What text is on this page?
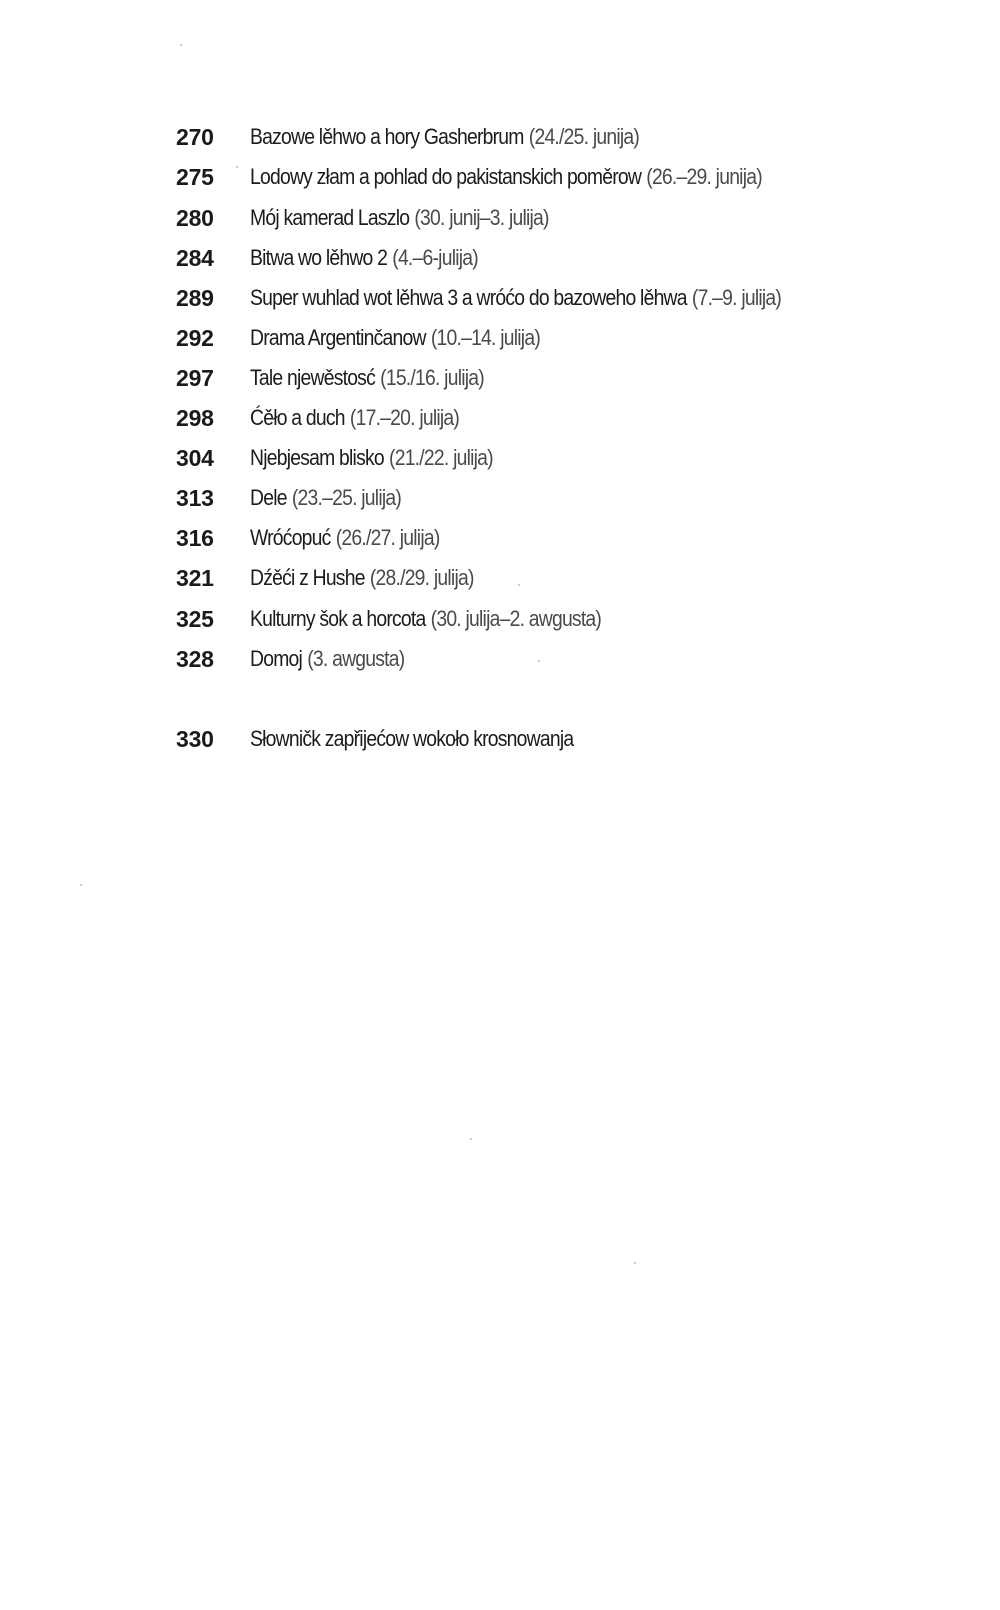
270	Bazowe lěhwo a hory Gasherbrum (24./25. junija)
275	Lodowy złam a pohlad do pakistanskich poměrow (26.–29. junija)
280	Mój kamerad Laszlo (30. junij–3. julija)
284	Bitwa wo lěhwo 2 (4.–6-julija)
289	Super wuhlad wot lěhwa 3 a wróćo do bazoweho lěhwa (7.–9. julija)
292	Drama Argentinčanow (10.–14. julija)
297	Tale njewěstosć (15./16. julija)
298	Ćěło a duch (17.–20. julija)
304	Njebjesam blisko (21./22. julija)
313	Dele (23.–25. julija)
316	Wróćopuć (26./27. julija)
321	Dźěći z Hushe (28./29. julija)
325	Kulturny šok a horcota (30. julija–2. awgusta)
328	Domoj (3. awgusta)
330	Słowničk zapřijećow wokoło krosnowanja
